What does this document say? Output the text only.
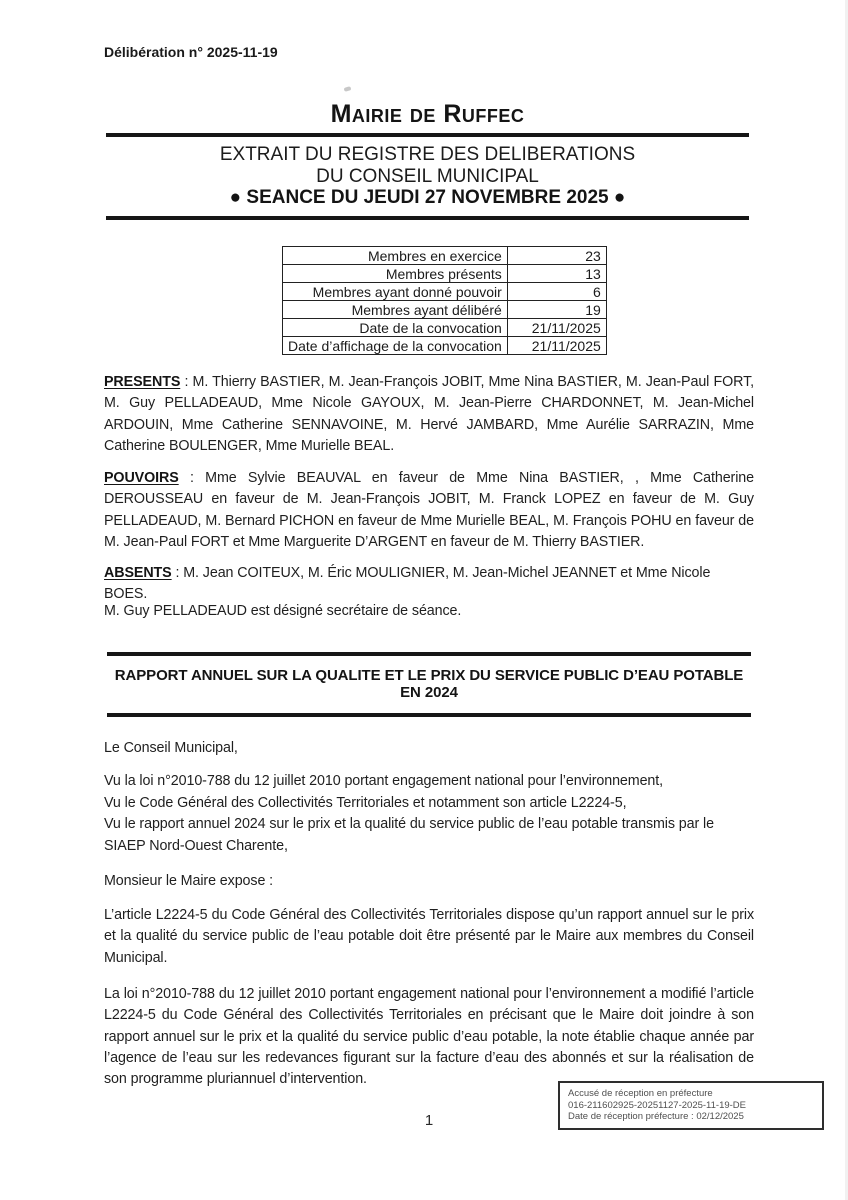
Délibération n° 2025-11-19
Mairie de Ruffec
EXTRAIT DU REGISTRE DES DELIBERATIONS
DU CONSEIL MUNICIPAL
● SEANCE DU JEUDI 27 NOVEMBRE 2025 ●
Membres en exercice	23
Membres présents	13
Membres ayant donné pouvoir	6
Membres ayant délibéré	19
Date de la convocation	21/11/2025
Date d’affichage de la convocation	21/11/2025

PRESENTS : M. Thierry BASTIER, M. Jean-François JOBIT, Mme Nina BASTIER, M. Jean-Paul FORT, M. Guy PELLADEAUD, Mme Nicole GAYOUX, M. Jean-Pierre CHARDONNET, M. Jean-Michel ARDOUIN, Mme Catherine SENNAVOINE, M. Hervé JAMBARD, Mme Aurélie SARRAZIN, Mme Catherine BOULENGER, Mme Murielle BEAL.

POUVOIRS : Mme Sylvie BEAUVAL en faveur de Mme Nina BASTIER, , Mme Catherine DEROUSSEAU en faveur de M. Jean-François JOBIT, M. Franck LOPEZ en faveur de M. Guy PELLADEAUD, M. Bernard PICHON en faveur de Mme Murielle BEAL, M. François POHU en faveur de M. Jean-Paul FORT et Mme Marguerite D’ARGENT en faveur de M. Thierry BASTIER.

ABSENTS : M. Jean COITEUX, M. Éric MOULIGNIER, M. Jean-Michel JEANNET et Mme Nicole BOES.

M. Guy PELLADEAUD est désigné secrétaire de séance.

RAPPORT ANNUEL SUR LA QUALITE ET LE PRIX DU SERVICE PUBLIC D’EAU POTABLE EN 2024
Le Conseil Municipal,
Vu la loi n°2010-788 du 12 juillet 2010 portant engagement national pour l’environnement,
Vu le Code Général des Collectivités Territoriales et notamment son article L2224-5,
Vu le rapport annuel 2024 sur le prix et la qualité du service public de l’eau potable transmis par le SIAEP Nord-Ouest Charente,
Monsieur le Maire expose :

L’article L2224-5 du Code Général des Collectivités Territoriales dispose qu’un rapport annuel sur le prix et la qualité du service public de l’eau potable doit être présenté par le Maire aux membres du Conseil Municipal.

La loi n°2010-788 du 12 juillet 2010 portant engagement national pour l’environnement a modifié l’article L2224-5 du Code Général des Collectivités Territoriales en précisant que le Maire doit joindre à son rapport annuel sur le prix et la qualité du service public d’eau potable, la note établie chaque année par l’agence de l’eau sur les redevances figurant sur la facture d’eau des abonnés et sur la réalisation de son programme pluriannuel d’intervention.

Accusé de réception en préfecture
016-211602925-20251127-2025-11-19-DE
Date de réception préfecture : 02/12/2025
1
